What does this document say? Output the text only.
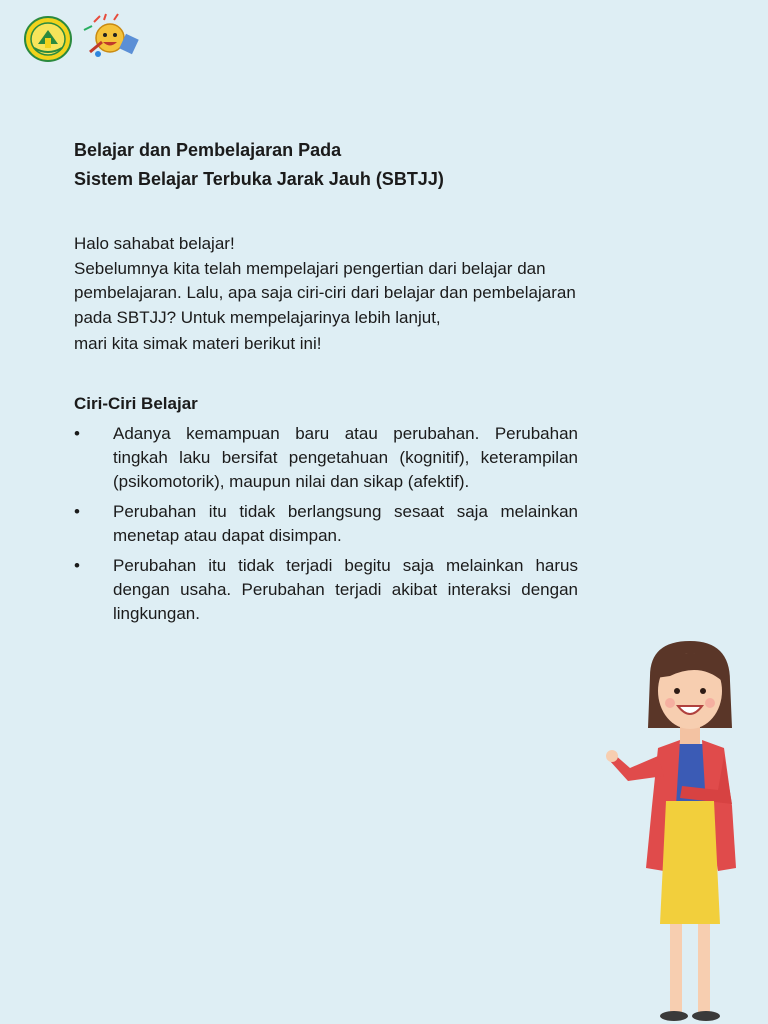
Belajar dan Pembelajaran Pada
Sistem Belajar Terbuka Jarak Jauh (SBTJJ)

Halo sahabat belajar!

Sebelumnya kita telah mempelajari pengertian dari belajar dan pembelajaran. Lalu, apa saja ciri-ciri dari belajar dan pembelajaran pada SBTJJ? Untuk mempelajarinya lebih lanjut,

mari kita simak materi berikut ini!

Ciri-Ciri Belajar
• Adanya kemampuan baru atau perubahan. Perubahan tingkah laku bersifat pengetahuan (kognitif), keterampilan (psikomotorik), maupun nilai dan sikap (afektif).
• Perubahan itu tidak berlangsung sesaat saja melainkan menetap atau dapat disimpan.
• Perubahan itu tidak terjadi begitu saja melainkan harus dengan usaha. Perubahan terjadi akibat interaksi dengan lingkungan.
